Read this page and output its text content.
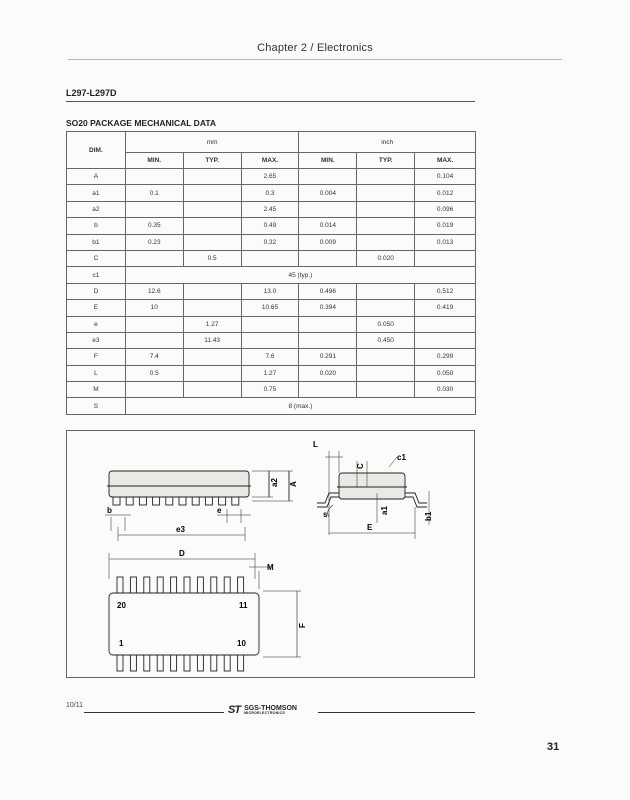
Chapter 2 / Electronics
L297-L297D
SO20 PACKAGE MECHANICAL DATA
DIM.	mm			inch		
	MIN.	TYP.	MAX.	MIN.	TYP.	MAX.
A			2.65			0.104
a1	0.1		0.3	0.004		0.012
a2			2.45			0.096
b	0.35		0.49	0.014		0.019
b1	0.23		0.32	0.009		0.013
C		0.5			0.020	
c1	45 (typ.)					
D	12.6		13.0	0.496		0.512
E	10		10.65	0.394		0.419
e		1.27			0.050	
e3		11.43			0.450	
F	7.4		7.6	0.291		0.299
L	0.5		1.27	0.020		0.050
M			0.75			0.030
S	8 (max.)					
a2 A
b	e
e3
L
C
c1
s	a1
E
b1
D
M
F
20	11
1	10
10/11	ST SGS-THOMSON
MICROELECTRONICS
31
